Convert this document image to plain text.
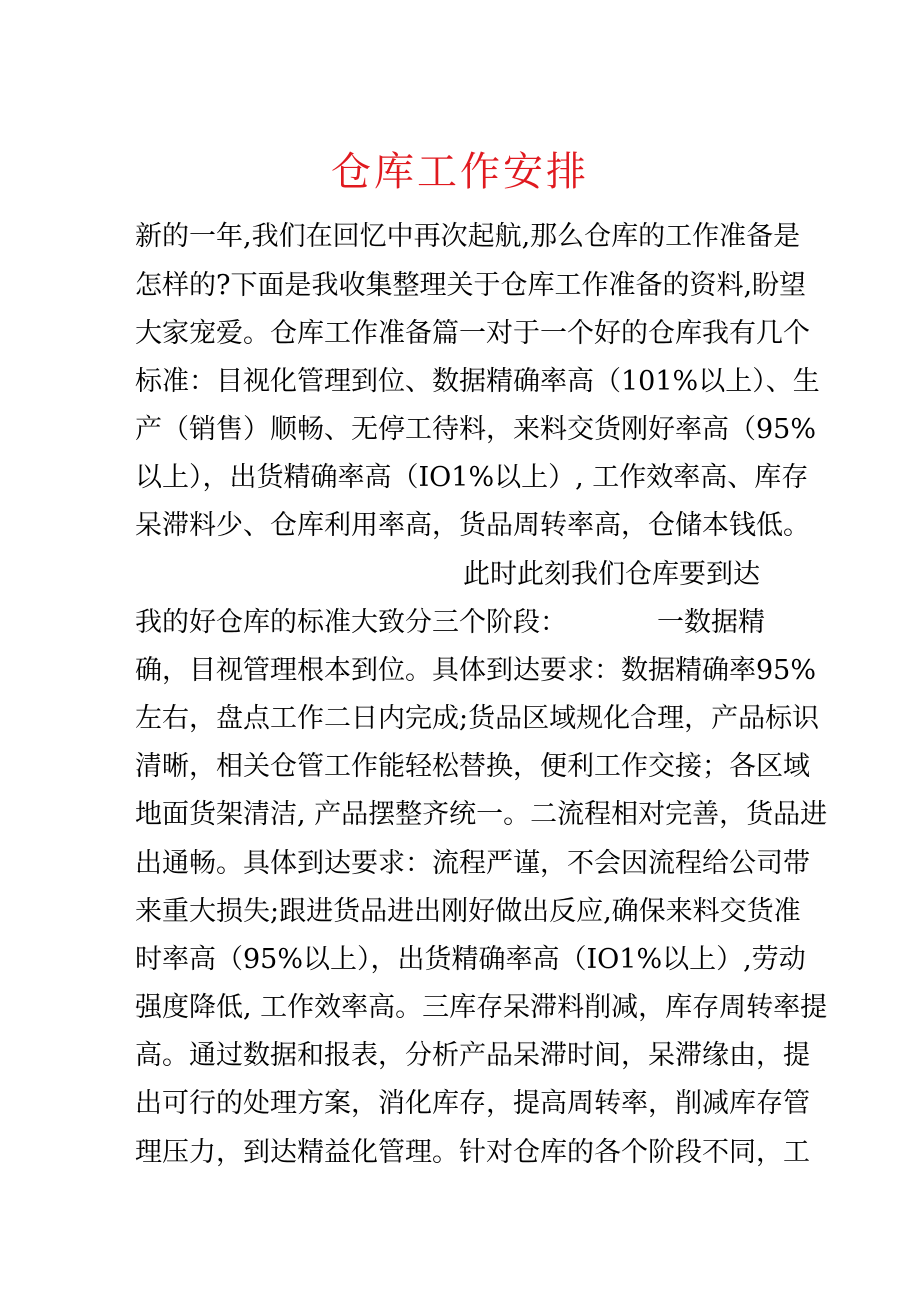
仓库工作安排
新的一年,我们在回忆中再次起航,那么仓库的工作准备是
怎样的?下面是我收集整理关于仓库工作准备的资料,盼望
大家宠爱。仓库工作准备篇一对于一个好的仓库我有几个
标准：目视化管理到位、数据精确率高（101%以上）、生
产（销售）顺畅、无停工待料，来料交货刚好率高（95%
以上），出货精确率高（IO1%以上）, 工作效率高、库存
呆滞料少、仓库利用率高，货品周转率高，仓储本钱低。
此时此刻我们仓库要到达
我的好仓库的标准大致分三个阶段：	一数据精
确，目视管理根本到位。具体到达要求：数据精确率95%
左右，盘点工作二日内完成;货品区域规化合理，产品标识
清晰，相关仓管工作能轻松替换，便利工作交接；各区域
地面货架清洁, 产品摆整齐统一。二流程相对完善，货品进
出通畅。具体到达要求：流程严谨，不会因流程给公司带
来重大损失;跟进货品进出刚好做出反应,确保来料交货准
时率高（95%以上），出货精确率高（IO1%以上）,劳动
强度降低, 工作效率高。三库存呆滞料削减，库存周转率提
高。通过数据和报表，分析产品呆滞时间，呆滞缘由，提
出可行的处理方案，消化库存，提高周转率，削减库存管
理压力，到达精益化管理。针对仓库的各个阶段不同，工
